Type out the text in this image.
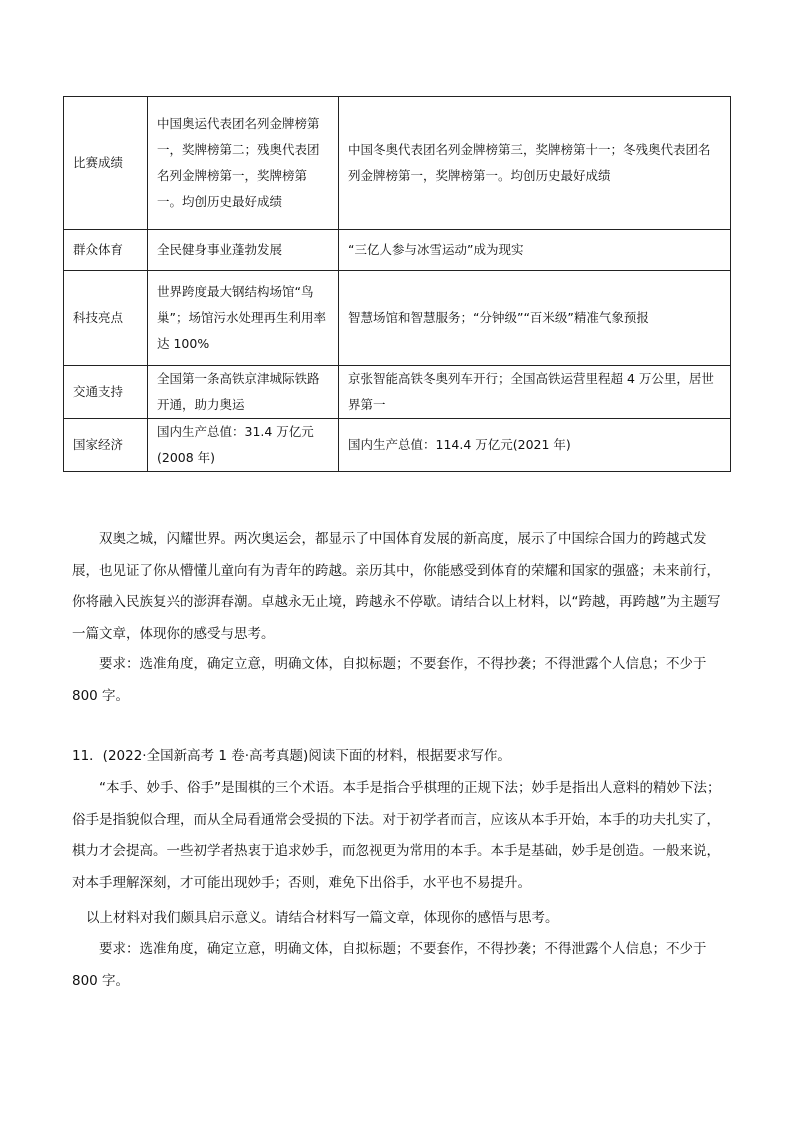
比赛成绩	中国奥运代表团名列金牌榜第一，奖牌榜第二；残奥代表团名列金牌榜第一，奖牌榜第一。均创历史最好成绩	中国冬奥代表团名列金牌榜第三，奖牌榜第十一；冬残奥代表团名列金牌榜第一，奖牌榜第一。均创历史最好成绩
群众体育	全民健身事业蓬勃发展	“三亿人参与冰雪运动”成为现实
科技亮点	世界跨度最大钢结构场馆“鸟巢”；场馆污水处理再生利用率达 100%	智慧场馆和智慧服务；“分钟级”“百米级”精准气象预报
交通支持	全国第一条高铁京津城际铁路开通，助力奥运	京张智能高铁冬奥列车开行；全国高铁运营里程超 4 万公里，居世界第一
国家经济	国内生产总值：31.4 万亿元(2008 年)	国内生产总值：114.4 万亿元(2021 年)

双奥之城，闪耀世界。两次奥运会，都显示了中国体育发展的新高度，展示了中国综合国力的跨越式发展，也见证了你从懵懂儿童向有为青年的跨越。亲历其中，你能感受到体育的荣耀和国家的强盛；未来前行，你将融入民族复兴的澎湃春潮。卓越永无止境，跨越永不停歇。请结合以上材料，以“跨越，再跨越”为主题写一篇文章，体现你的感受与思考。

要求：选准角度，确定立意，明确文体，自拟标题；不要套作，不得抄袭；不得泄露个人信息；不少于 800 字。

11．(2022·全国新高考 1 卷·高考真题)阅读下面的材料，根据要求写作。

“本手、妙手、俗手”是围棋的三个术语。本手是指合乎棋理的正规下法；妙手是指出人意料的精妙下法；俗手是指貌似合理，而从全局看通常会受损的下法。对于初学者而言，应该从本手开始，本手的功夫扎实了，棋力才会提高。一些初学者热衷于追求妙手，而忽视更为常用的本手。本手是基础，妙手是创造。一般来说，对本手理解深刻，才可能出现妙手；否则，难免下出俗手，水平也不易提升。

以上材料对我们颇具启示意义。请结合材料写一篇文章，体现你的感悟与思考。

要求：选准角度，确定立意，明确文体，自拟标题；不要套作，不得抄袭；不得泄露个人信息；不少于 800 字。
